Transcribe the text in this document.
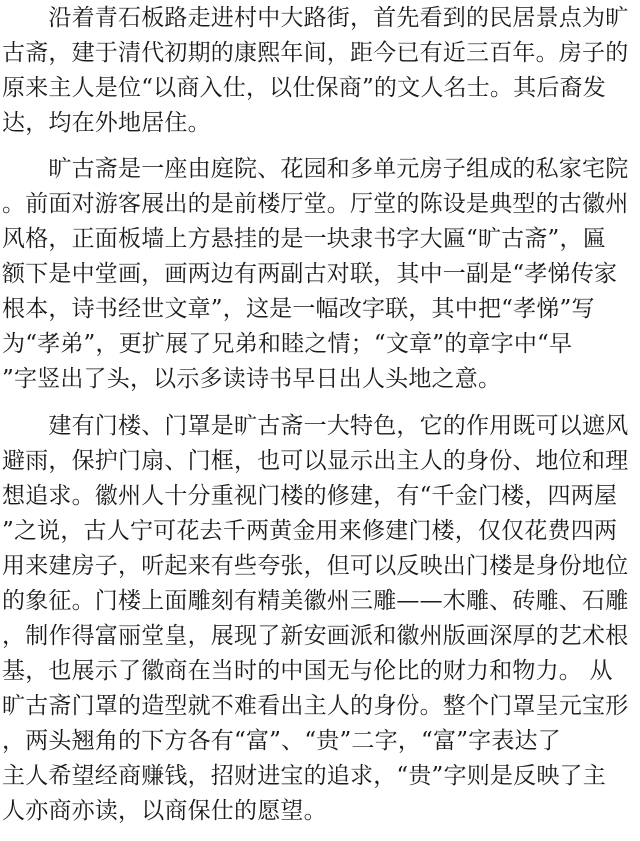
　　沿着青石板路走进村中大路街，首先看到的民居景点为旷
古斋，建于清代初期的康熙年间，距今已有近三百年。房子的
原来主人是位“以商入仕，以仕保商”的文人名士。其后裔发
达，均在外地居住。
　　旷古斋是一座由庭院、花园和多单元房子组成的私家宅院
。前面对游客展出的是前楼厅堂。厅堂的陈设是典型的古徽州
风格，正面板墙上方悬挂的是一块隶书字大匾“旷古斋”，匾
额下是中堂画，画两边有两副古对联，其中一副是“孝悌传家
根本，诗书经世文章”，这是一幅改字联，其中把“孝悌”写
为“孝弟”，更扩展了兄弟和睦之情；“文章”的章字中“早
”字竖出了头，以示多读诗书早日出人头地之意。
　　建有门楼、门罩是旷古斋一大特色，它的作用既可以遮风
避雨，保护门扇、门框，也可以显示出主人的身份、地位和理
想追求。徽州人十分重视门楼的修建，有“千金门楼，四两屋
”之说，古人宁可花去千两黄金用来修建门楼，仅仅花费四两
用来建房子，听起来有些夸张，但可以反映出门楼是身份地位
的象征。门楼上面雕刻有精美徽州三雕——木雕、砖雕、石雕
，制作得富丽堂皇，展现了新安画派和徽州版画深厚的艺术根
基，也展示了徽商在当时的中国无与伦比的财力和物力。 从
旷古斋门罩的造型就不难看出主人的身份。整个门罩呈元宝形
，两头翘角的下方各有“富”、“贵”二字，“富”字表达了
主人希望经商赚钱，招财进宝的追求，“贵”字则是反映了主
人亦商亦读，以商保仕的愿望。
